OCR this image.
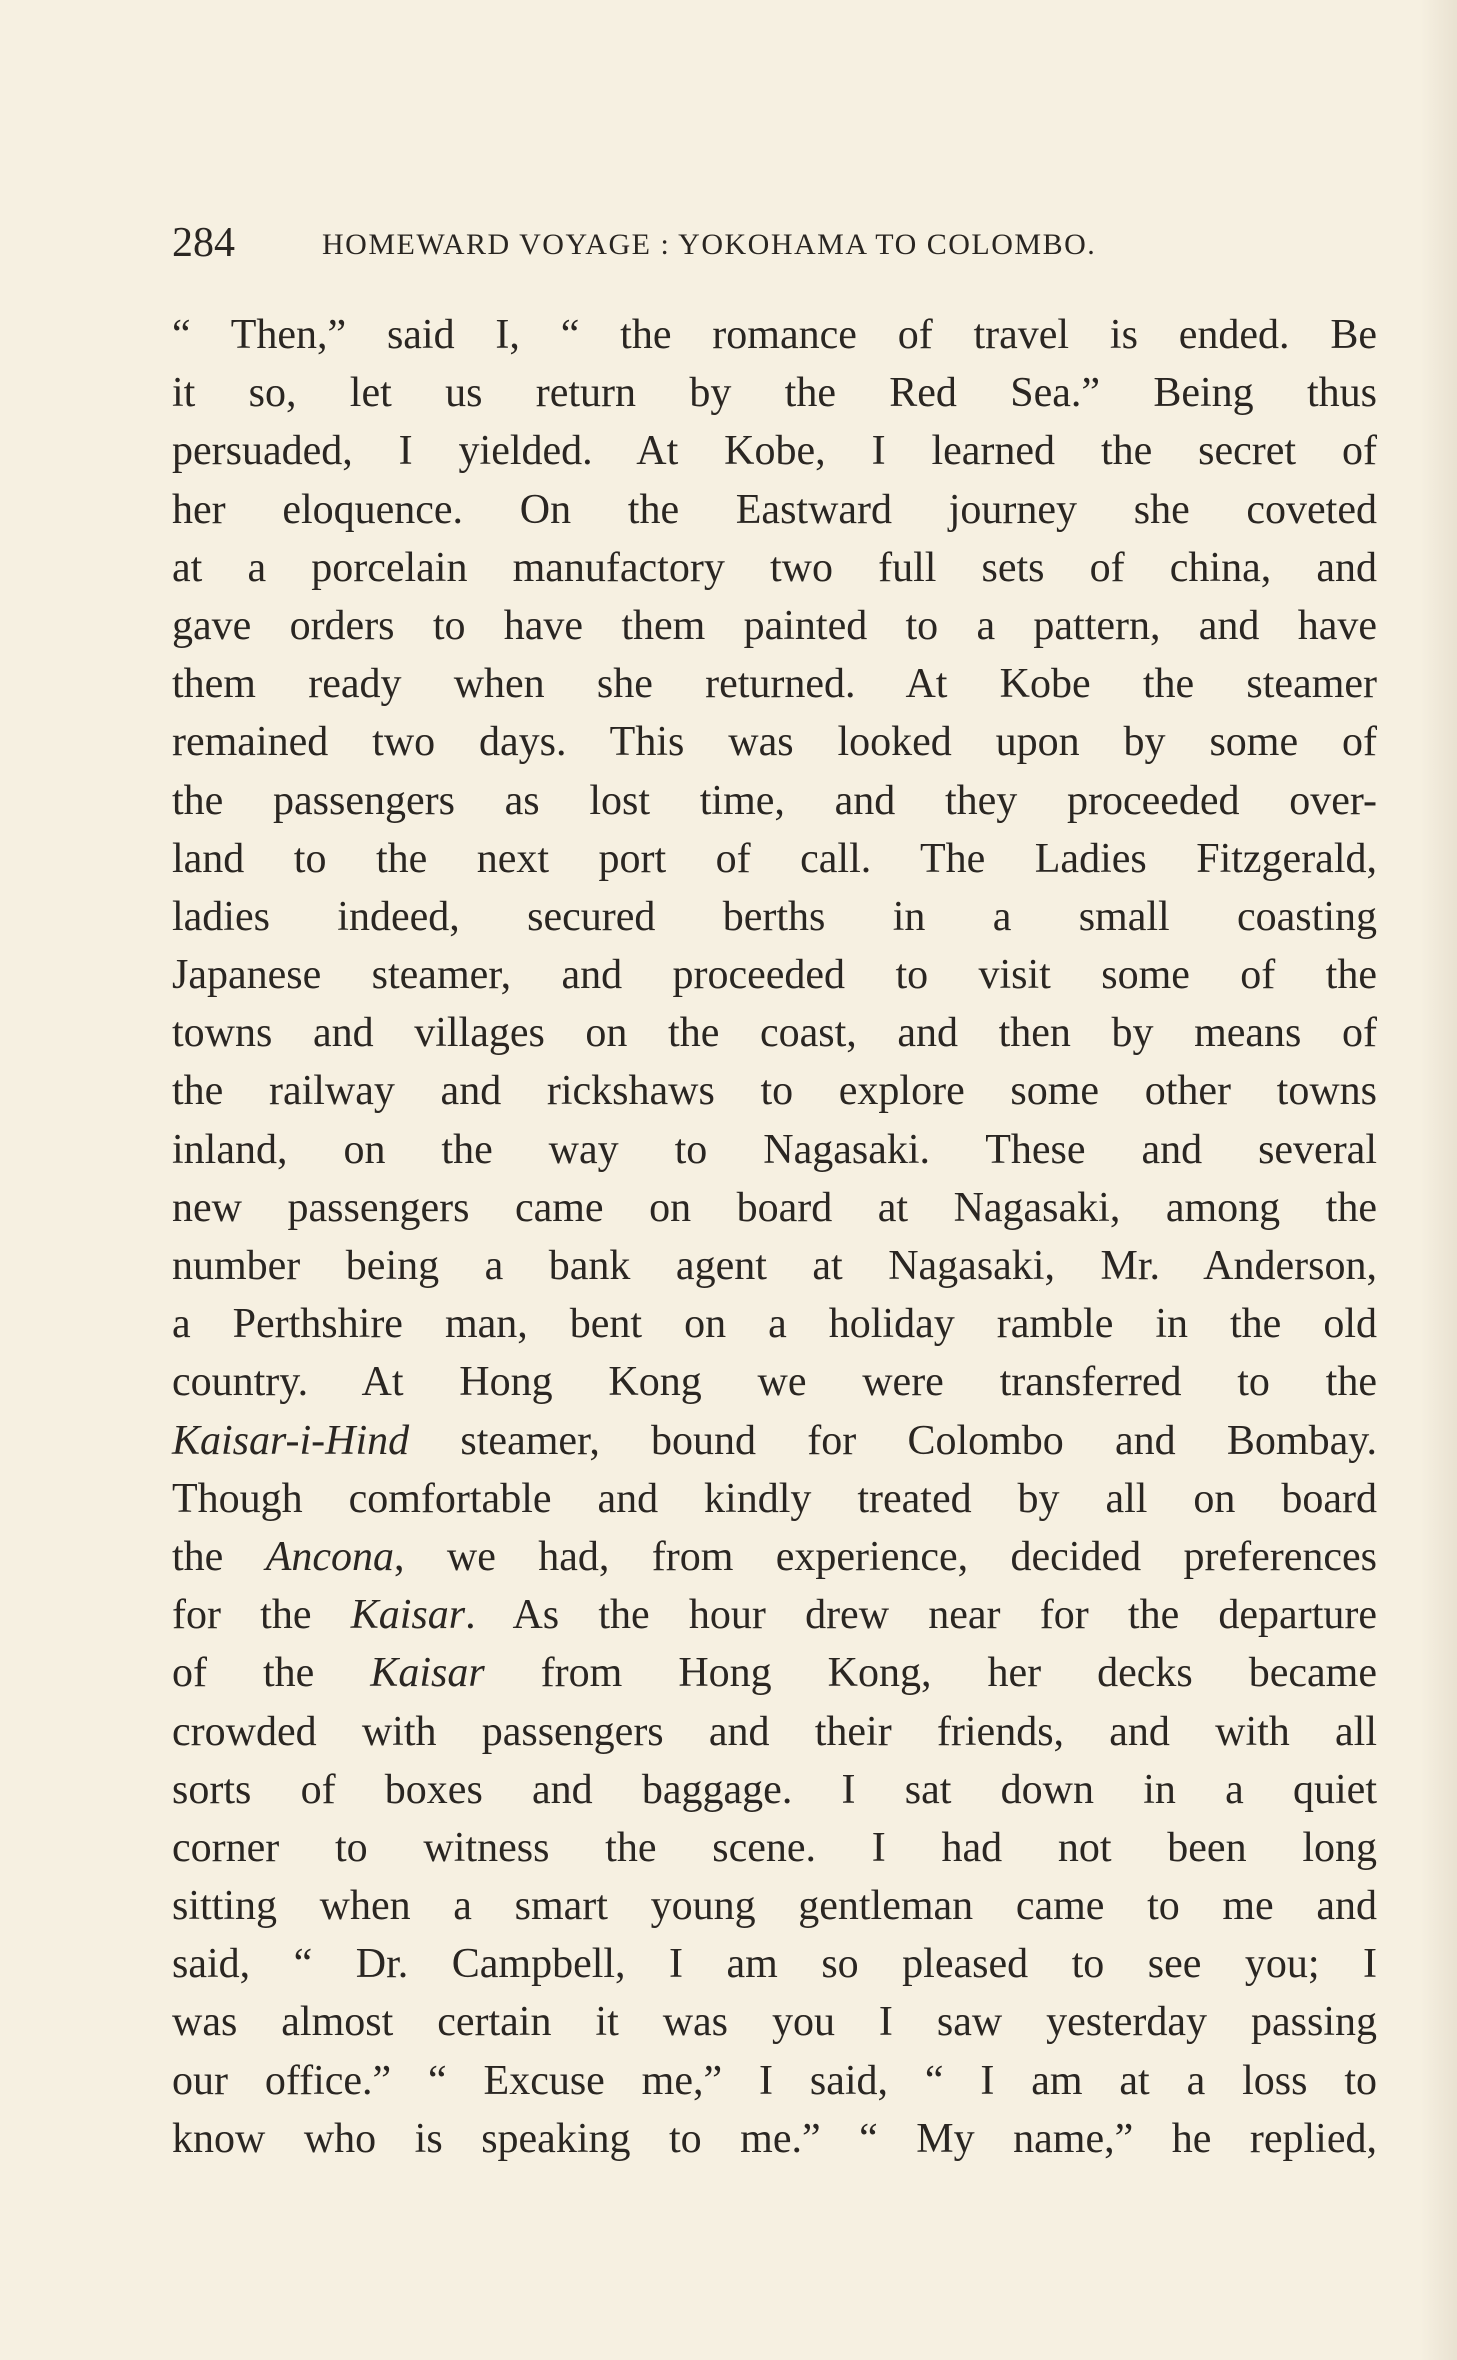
284	HOMEWARD VOYAGE : YOKOHAMA TO COLOMBO.
“ Then,” said I, “ the romance of travel is ended. Be
it so, let us return by the Red Sea.” Being thus
persuaded, I yielded. At Kobe, I learned the secret of
her eloquence. On the Eastward journey she coveted
at a porcelain manufactory two full sets of china, and
gave orders to have them painted to a pattern, and have
them ready when she returned. At Kobe the steamer
remained two days. This was looked upon by some of
the passengers as lost time, and they proceeded over-
land to the next port of call. The Ladies Fitzgerald,
ladies indeed, secured berths in a small coasting
Japanese steamer, and proceeded to visit some of the
towns and villages on the coast, and then by means of
the railway and rickshaws to explore some other towns
inland, on the way to Nagasaki. These and several
new passengers came on board at Nagasaki, among the
number being a bank agent at Nagasaki, Mr. Anderson,
a Perthshire man, bent on a holiday ramble in the old
country. At Hong Kong we were transferred to the
Kaisar-i-Hind steamer, bound for Colombo and Bombay.
Though comfortable and kindly treated by all on board
the Ancona, we had, from experience, decided preferences
for the Kaisar. As the hour drew near for the departure
of the Kaisar from Hong Kong, her decks became
crowded with passengers and their friends, and with all
sorts of boxes and baggage. I sat down in a quiet
corner to witness the scene. I had not been long
sitting when a smart young gentleman came to me and
said, “ Dr. Campbell, I am so pleased to see you; I
was almost certain it was you I saw yesterday passing
our office.” “ Excuse me,” I said, “ I am at a loss to
know who is speaking to me.” “ My name,” he replied,
